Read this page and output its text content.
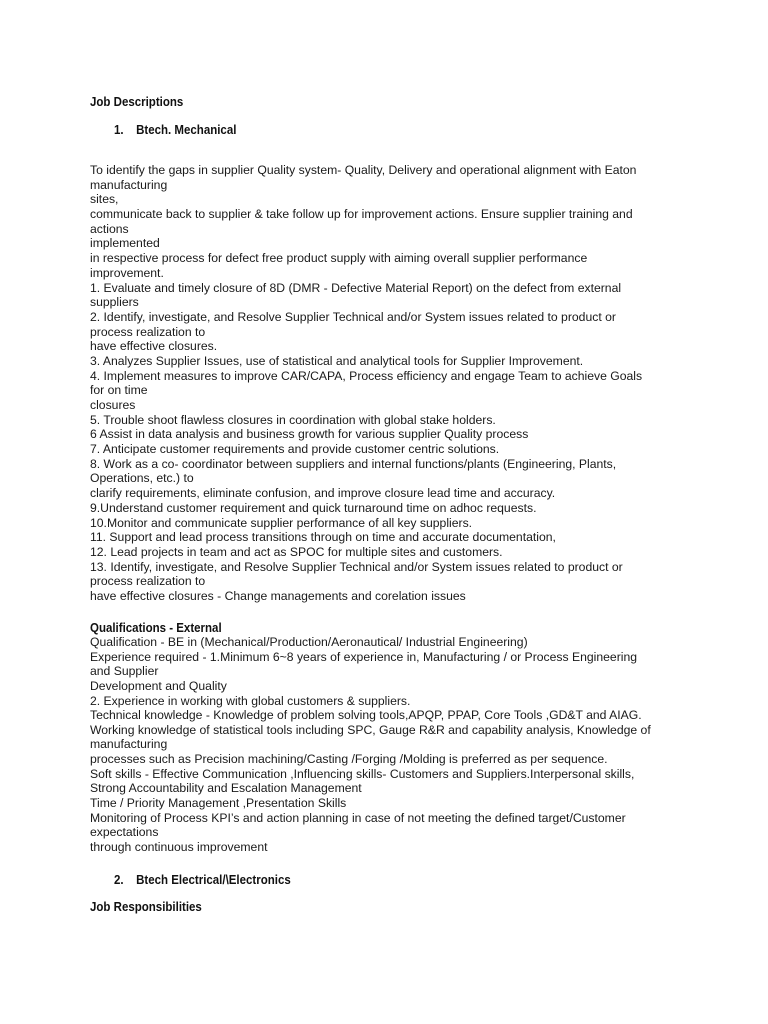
Job Descriptions
1. Btech. Mechanical
To identify the gaps in supplier Quality system- Quality, Delivery and operational alignment with Eaton
manufacturing
sites,
communicate back to supplier & take follow up for improvement actions. Ensure supplier training and
actions
implemented
in respective process for defect free product supply with aiming overall supplier performance
improvement.
1. Evaluate and timely closure of 8D (DMR - Defective Material Report) on the defect from external
suppliers
2. Identify, investigate, and Resolve Supplier Technical and/or System issues related to product or
process realization to
have effective closures.
3. Analyzes Supplier Issues, use of statistical and analytical tools for Supplier Improvement.
4. Implement measures to improve CAR/CAPA, Process efficiency and engage Team to achieve Goals
for on time
closures
5. Trouble shoot flawless closures in coordination with global stake holders.
6 Assist in data analysis and business growth for various supplier Quality process
7. Anticipate customer requirements and provide customer centric solutions.
8. Work as a co- coordinator between suppliers and internal functions/plants (Engineering, Plants,
Operations, etc.) to
clarify requirements, eliminate confusion, and improve closure lead time and accuracy.
9.Understand customer requirement and quick turnaround time on adhoc requests.
10.Monitor and communicate supplier performance of all key suppliers.
11. Support and lead process transitions through on time and accurate documentation,
12. Lead projects in team and act as SPOC for multiple sites and customers.
13. Identify, investigate, and Resolve Supplier Technical and/or System issues related to product or
process realization to
have effective closures - Change managements and corelation issues
Qualifications - External
Qualification - BE in (Mechanical/Production/Aeronautical/ Industrial Engineering)
Experience required - 1.Minimum 6~8 years of experience in, Manufacturing / or Process Engineering
and Supplier
Development and Quality
2. Experience in working with global customers & suppliers.
Technical knowledge - Knowledge of problem solving tools,APQP, PPAP, Core Tools ,GD&T and AIAG.
Working knowledge of statistical tools including SPC, Gauge R&R and capability analysis, Knowledge of
manufacturing
processes such as Precision machining/Casting /Forging /Molding is preferred as per sequence.
Soft skills - Effective Communication ,Influencing skills- Customers and Suppliers.Interpersonal skills,
Strong Accountability and Escalation Management
Time / Priority Management ,Presentation Skills
Monitoring of Process KPI’s and action planning in case of not meeting the defined target/Customer
expectations
through continuous improvement
2. Btech Electrical/\Electronics
Job Responsibilities
